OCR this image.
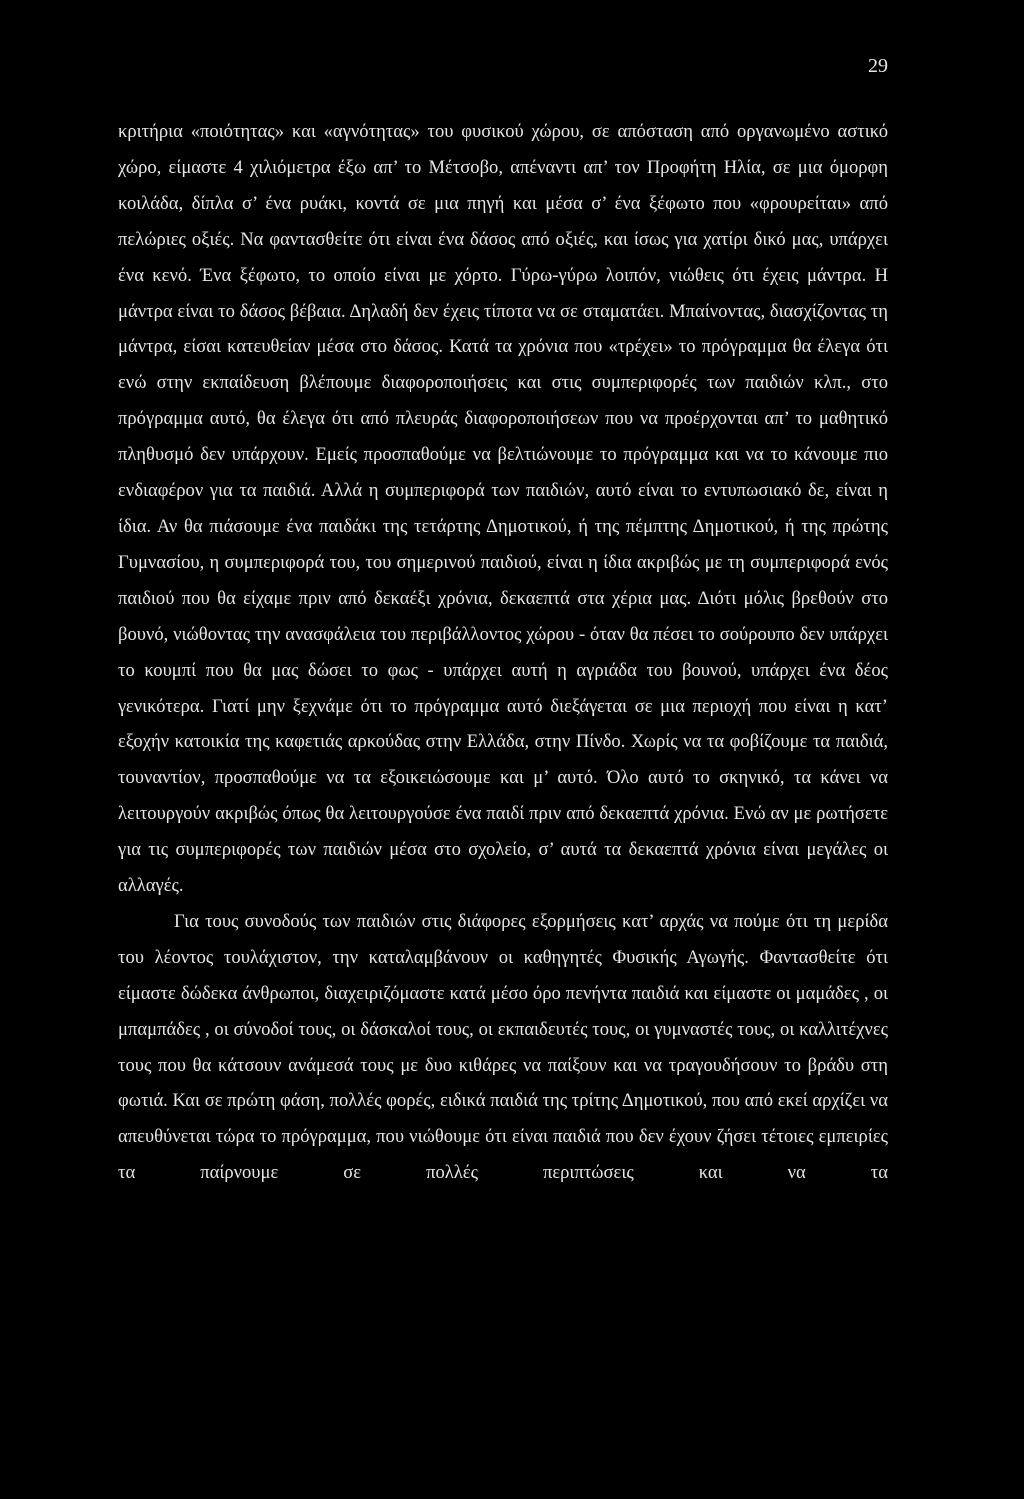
29

κριτήρια «ποιότητας» και «αγνότητας» του φυσικού χώρου, σε απόσταση από οργανωμένο αστικό χώρο, είμαστε 4 χιλιόμετρα έξω απ’ το Μέτσοβο, απέναντι απ’ τον Προφήτη Ηλία, σε μια όμορφη κοιλάδα, δίπλα σ’ ένα ρυάκι, κοντά σε μια πηγή και μέσα σ’ ένα ξέφωτο που «φρουρείται» από πελώριες οξιές. Να φαντασθείτε ότι είναι ένα δάσος από οξιές, και ίσως για χατίρι δικό μας, υπάρχει ένα κενό. Ένα ξέφωτο, το οποίο είναι με χόρτο. Γύρω-γύρω λοιπόν, νιώθεις ότι έχεις μάντρα. Η μάντρα είναι το δάσος βέβαια. Δηλαδή δεν έχεις τίποτα να σε σταματάει. Μπαίνοντας, διασχίζοντας τη μάντρα, είσαι κατευθείαν μέσα στο δάσος. Κατά τα χρόνια που «τρέχει» το πρόγραμμα θα έλεγα ότι ενώ στην εκπαίδευση βλέπουμε διαφοροποιήσεις και στις συμπεριφορές των παιδιών κλπ., στο πρόγραμμα αυτό, θα έλεγα ότι από πλευράς διαφοροποιήσεων που να προέρχονται απ’ το μαθητικό πληθυσμό δεν υπάρχουν. Εμείς προσπαθούμε να βελτιώνουμε το πρόγραμμα και να το κάνουμε πιο ενδιαφέρον για τα παιδιά. Αλλά η συμπεριφορά των παιδιών, αυτό είναι το εντυπωσιακό δε, είναι η ίδια. Αν θα πιάσουμε ένα παιδάκι της τετάρτης Δημοτικού, ή της πέμπτης Δημοτικού, ή της πρώτης Γυμνασίου, η συμπεριφορά του, του σημερινού παιδιού, είναι η ίδια ακριβώς με τη συμπεριφορά ενός παιδιού που θα είχαμε πριν από δεκαέξι χρόνια, δεκαεπτά στα χέρια μας. Διότι μόλις βρεθούν στο βουνό, νιώθοντας την ανασφάλεια του περιβάλλοντος χώρου - όταν θα πέσει το σούρουπο δεν υπάρχει το κουμπί που θα μας δώσει το φως - υπάρχει αυτή η αγριάδα του βουνού, υπάρχει ένα δέος γενικότερα. Γιατί μην ξεχνάμε ότι το πρόγραμμα αυτό διεξάγεται σε μια περιοχή που είναι η κατ’ εξοχήν κατοικία της καφετιάς αρκούδας στην Ελλάδα, στην Πίνδο. Χωρίς να τα φοβίζουμε τα παιδιά, τουναντίον, προσπαθούμε να τα εξοικειώσουμε και μ’ αυτό. Όλο αυτό το σκηνικό, τα κάνει να λειτουργούν ακριβώς όπως θα λειτουργούσε ένα παιδί πριν από δεκαεπτά χρόνια. Ενώ αν με ρωτήσετε για τις συμπεριφορές των παιδιών μέσα στο σχολείο, σ’ αυτά τα δεκαεπτά χρόνια είναι μεγάλες οι αλλαγές.

Για τους συνοδούς των παιδιών στις διάφορες εξορμήσεις κατ’ αρχάς να πούμε ότι τη μερίδα του λέοντος τουλάχιστον, την καταλαμβάνουν οι καθηγητές Φυσικής Αγωγής. Φαντασθείτε ότι είμαστε δώδεκα άνθρωποι, διαχειριζόμαστε κατά μέσο όρο πενήντα παιδιά και είμαστε οι μαμάδες , οι μπαμπάδες , οι σύνοδοί τους, οι δάσκαλοί τους, οι εκπαιδευτές τους, οι γυμναστές τους, οι καλλιτέχνες τους που θα κάτσουν ανάμεσά τους με δυο κιθάρες να παίξουν και να τραγουδήσουν το βράδυ στη φωτιά. Και σε πρώτη φάση, πολλές φορές, ειδικά παιδιά της τρίτης Δημοτικού, που από εκεί αρχίζει να απευθύνεται τώρα το πρόγραμμα, που νιώθουμε ότι είναι παιδιά που δεν έχουν ζήσει τέτοιες εμπειρίες τα παίρνουμε σε πολλές περιπτώσεις και να τα
